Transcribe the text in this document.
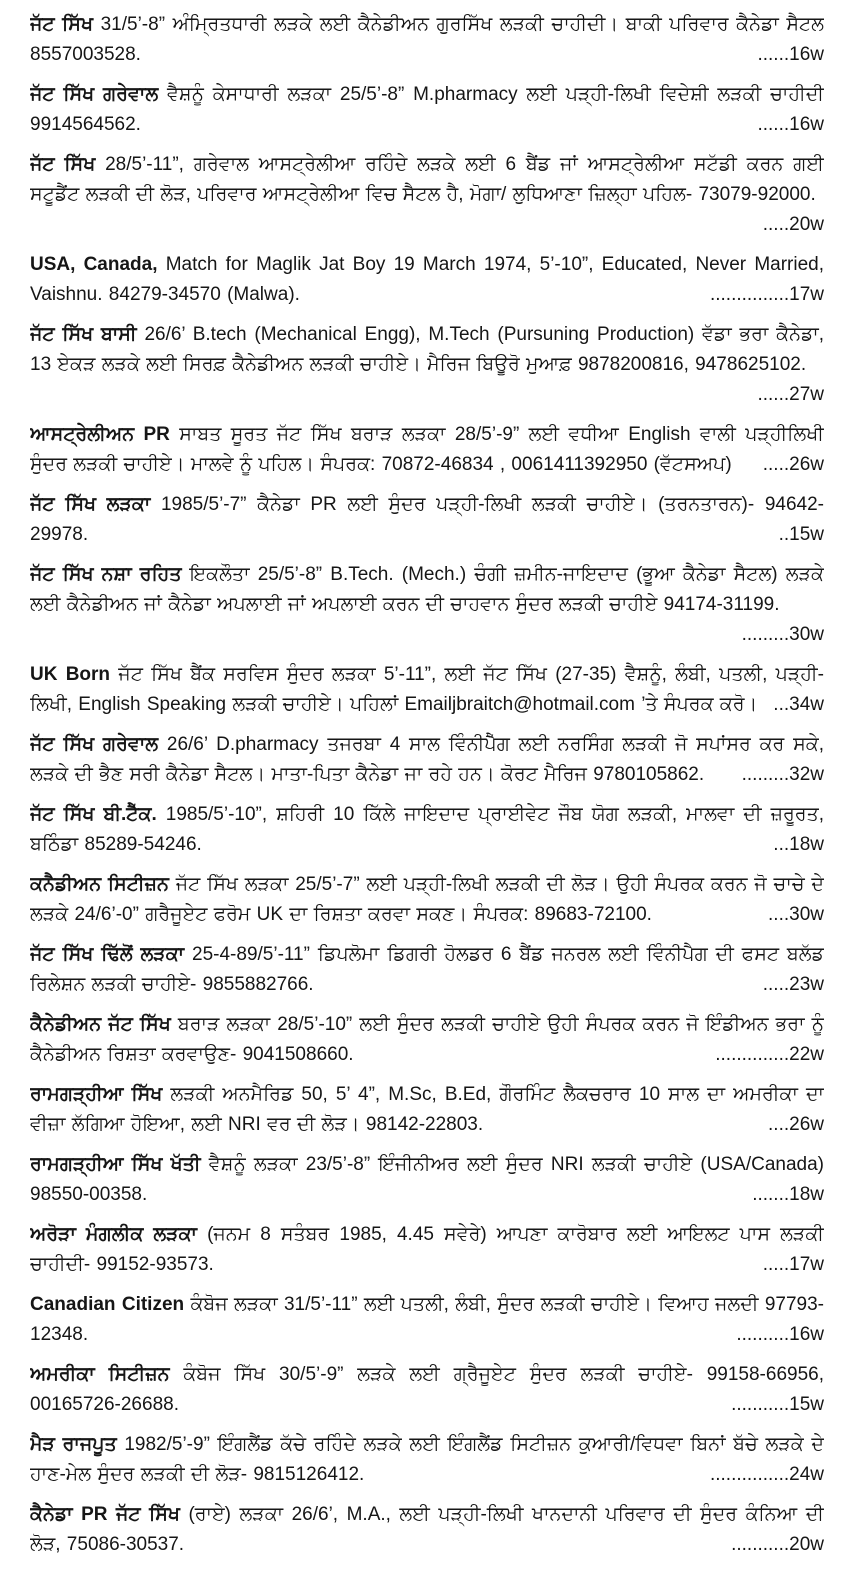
ਜੱਟ ਸਿੱਖ 31/5’-8” ਅੰਮ੍ਰਿਤਧਾਰੀ ਲੜਕੇ ਲਈ ਕੈਨੇਡੀਅਨ ਗੁਰਸਿੱਖ ਲੜਕੀ ਚਾਹੀਦੀ। ਬਾਕੀ ਪਰਿਵਾਰ ਕੈਨੇਡਾ ਸੈਟਲ 8557003528.	......16w

ਜੱਟ ਸਿੱਖ ਗਰੇਵਾਲ ਵੈਸ਼ਨੂੰ ਕੇਸਾਧਾਰੀ ਲੜਕਾ 25/5’-8” M.pharmacy ਲਈ ਪੜ੍ਹੀ-ਲਿਖੀ ਵਿਦੇਸ਼ੀ ਲੜਕੀ ਚਾਹੀਦੀ 9914564562.	......16w

ਜੱਟ ਸਿੱਖ 28/5’-11”, ਗਰੇਵਾਲ ਆਸਟ੍ਰੇਲੀਆ ਰਹਿੰਦੇ ਲੜਕੇ ਲਈ 6 ਬੈਂਡ ਜਾਂ ਆਸਟ੍ਰੇਲੀਆ ਸਟੱਡੀ ਕਰਨ ਗਈ ਸਟੂਡੈਂਟ ਲੜਕੀ ਦੀ ਲੋੜ, ਪਰਿਵਾਰ ਆਸਟ੍ਰੇਲੀਆ ਵਿਚ ਸੈਟਲ ਹੈ, ਮੋਗਾ/ ਲੁਧਿਆਣਾ ਜ਼ਿਲ੍ਹਾ ਪਹਿਲ- 73079-92000.
.....20w

USA, Canada, Match for Maglik Jat Boy 19 March 1974, 5’-10”, Educated, Never Married, Vaishnu. 84279-34570 (Malwa).	...............17w

ਜੱਟ ਸਿੱਖ ਬਾਸੀ 26/6’ B.tech (Mechanical Engg), M.Tech (Pursuning Production) ਵੱਡਾ ਭਰਾ ਕੈਨੇਡਾ, 13 ਏਕੜ ਲੜਕੇ ਲਈ ਸਿਰਫ਼ ਕੈਨੇਡੀਅਨ ਲੜਕੀ ਚਾਹੀਏ। ਮੈਰਿਜ ਬਿਊਰੋ ਮੁਆਫ਼ 9878200816, 9478625102.
......27w

ਆਸਟ੍ਰੇਲੀਅਨ PR ਸਾਬਤ ਸੂਰਤ ਜੱਟ ਸਿੱਖ ਬਰਾੜ ਲੜਕਾ 28/5’-9” ਲਈ ਵਧੀਆ English ਵਾਲੀ ਪੜ੍ਹੀਲਿਖੀ ਸੁੰਦਰ ਲੜਕੀ ਚਾਹੀਏ। ਮਾਲਵੇ ਨੂੰ ਪਹਿਲ। ਸੰਪਰਕ: 70872-46834 , 0061411392950 (ਵੱਟਸਅਪ)	.....26w

ਜੱਟ ਸਿੱਖ ਲੜਕਾ 1985/5’-7” ਕੈਨੇਡਾ PR ਲਈ ਸੁੰਦਰ ਪੜ੍ਹੀ-ਲਿਖੀ ਲੜਕੀ ਚਾਹੀਏ। (ਤਰਨਤਾਰਨ)- 94642-29978.	..15w

ਜੱਟ ਸਿੱਖ ਨਸ਼ਾ ਰਹਿਤ ਇਕਲੌਤਾ 25/5’-8” B.Tech. (Mech.) ਚੰਗੀ ਜ਼ਮੀਨ-ਜਾਇਦਾਦ (ਭੂਆ ਕੈਨੇਡਾ ਸੈਟਲ) ਲੜਕੇ ਲਈ ਕੈਨੇਡੀਅਨ ਜਾਂ ਕੈਨੇਡਾ ਅਪਲਾਈ ਜਾਂ ਅਪਲਾਈ ਕਰਨ ਦੀ ਚਾਹਵਾਨ ਸੁੰਦਰ ਲੜਕੀ ਚਾਹੀਏ 94174-31199.
.........30w

UK Born ਜੱਟ ਸਿੱਖ ਬੈਂਕ ਸਰਵਿਸ ਸੁੰਦਰ ਲੜਕਾ 5’-11”, ਲਈ ਜੱਟ ਸਿੱਖ (27-35) ਵੈਸ਼ਨੂੰ, ਲੰਬੀ, ਪਤਲੀ, ਪੜ੍ਹੀ-ਲਿਖੀ, English Speaking ਲੜਕੀ ਚਾਹੀਏ। ਪਹਿਲਾਂ Emailjbraitch@hotmail.com ’ਤੇ ਸੰਪਰਕ ਕਰੋ। ...34w

ਜੱਟ ਸਿੱਖ ਗਰੇਵਾਲ 26/6’ D.pharmacy ਤਜਰਬਾ 4 ਸਾਲ ਵਿੰਨੀਪੈੱਗ ਲਈ ਨਰਸਿੰਗ ਲੜਕੀ ਜੋ ਸਪਾਂਸਰ ਕਰ ਸਕੇ, ਲੜਕੇ ਦੀ ਭੈਣ ਸਰੀ ਕੈਨੇਡਾ ਸੈਟਲ। ਮਾਤਾ-ਪਿਤਾ ਕੈਨੇਡਾ ਜਾ ਰਹੇ ਹਨ। ਕੋਰਟ ਮੈਰਿਜ 9780105862.	.........32w

ਜੱਟ ਸਿੱਖ ਬੀ.ਟੈੱਕ. 1985/5’-10”, ਸ਼ਹਿਰੀ 10 ਕਿੱਲੇ ਜਾਇਦਾਦ ਪ੍ਰਾਈਵੇਟ ਜੌਬ ਯੋਗ ਲੜਕੀ, ਮਾਲਵਾ ਦੀ ਜ਼ਰੂਰਤ, ਬਠਿੰਡਾ 85289-54246.	...18w

ਕਨੈਡੀਅਨ ਸਿਟੀਜ਼ਨ ਜੱਟ ਸਿੱਖ ਲੜਕਾ 25/5’-7” ਲਈ ਪੜ੍ਹੀ-ਲਿਖੀ ਲੜਕੀ ਦੀ ਲੋੜ। ਉਹੀ ਸੰਪਰਕ ਕਰਨ ਜੋ ਚਾਚੇ ਦੇ ਲੜਕੇ 24/6’-0” ਗਰੈਜੂਏਟ ਫਰੋਮ UK ਦਾ ਰਿਸ਼ਤਾ ਕਰਵਾ ਸਕਣ। ਸੰਪਰਕ: 89683-72100.	....30w

ਜੱਟ ਸਿੱਖ ਢਿੱਲੋਂ ਲੜਕਾ 25-4-89/5’-11” ਡਿਪਲੋਮਾ ਡਿਗਰੀ ਹੋਲਡਰ 6 ਬੈਂਡ ਜਨਰਲ ਲਈ ਵਿੰਨੀਪੈਗ ਦੀ ਫਸਟ ਬਲੱਡ ਰਿਲੇਸ਼ਨ ਲੜਕੀ ਚਾਹੀਏ- 9855882766.	.....23w

ਕੈਨੇਡੀਅਨ ਜੱਟ ਸਿੱਖ ਬਰਾੜ ਲੜਕਾ 28/5’-10” ਲਈ ਸੁੰਦਰ ਲੜਕੀ ਚਾਹੀਏ ਉਹੀ ਸੰਪਰਕ ਕਰਨ ਜੋ ਇੰਡੀਅਨ ਭਰਾ ਨੂੰ ਕੈਨੇਡੀਅਨ ਰਿਸ਼ਤਾ ਕਰਵਾਉਣ- 9041508660.	..............22w

ਰਾਮਗੜ੍ਹੀਆ ਸਿੱਖ ਲੜਕੀ ਅਨਮੈਰਿਡ 50, 5’ 4”, M.Sc, B.Ed, ਗੌਰਮਿੰਟ ਲੈਕਚਰਾਰ 10 ਸਾਲ ਦਾ ਅਮਰੀਕਾ ਦਾ ਵੀਜ਼ਾ ਲੱਗਿਆ ਹੋਇਆ, ਲਈ NRI ਵਰ ਦੀ ਲੋੜ। 98142-22803.	....26w

ਰਾਮਗੜ੍ਹੀਆ ਸਿੱਖ ਖੱਤੀ ਵੈਸ਼ਨੂੰ ਲੜਕਾ 23/5’-8” ਇੰਜੀਨੀਅਰ ਲਈ ਸੁੰਦਰ NRI ਲੜਕੀ ਚਾਹੀਏ (USA/Canada) 98550-00358.	.......18w

ਅਰੋੜਾ ਮੰਗਲੀਕ ਲੜਕਾ (ਜਨਮ 8 ਸਤੰਬਰ 1985, 4.45 ਸਵੇਰੇ) ਆਪਣਾ ਕਾਰੋਬਾਰ ਲਈ ਆਇਲਟ ਪਾਸ ਲੜਕੀ ਚਾਹੀਦੀ- 99152-93573.	.....17w

Canadian Citizen ਕੰਬੋਜ ਲੜਕਾ 31/5’-11” ਲਈ ਪਤਲੀ, ਲੰਬੀ, ਸੁੰਦਰ ਲੜਕੀ ਚਾਹੀਏ। ਵਿਆਹ ਜਲਦੀ 97793-12348.	..........16w

ਅਮਰੀਕਾ ਸਿਟੀਜ਼ਨ ਕੰਬੋਜ ਸਿੱਖ 30/5’-9” ਲੜਕੇ ਲਈ ਗ੍ਰੈਜੂਏਟ ਸੁੰਦਰ ਲੜਕੀ ਚਾਹੀਏ- 99158-66956, 00165726-26688.	...........15w

ਮੈੜ ਰਾਜਪੂਤ 1982/5’-9” ਇੰਗਲੈਂਡ ਕੱਚੇ ਰਹਿੰਦੇ ਲੜਕੇ ਲਈ ਇੰਗਲੈਂਡ ਸਿਟੀਜ਼ਨ ਕੁਆਰੀ/ਵਿਧਵਾ ਬਿਨਾਂ ਬੱਚੇ ਲੜਕੇ ਦੇ ਹਾਣ-ਮੇਲ ਸੁੰਦਰ ਲੜਕੀ ਦੀ ਲੋੜ- 9815126412.	...............24w

ਕੈਨੇਡਾ PR ਜੱਟ ਸਿੱਖ (ਰਾਏ) ਲੜਕਾ 26/6’, M.A., ਲਈ ਪੜ੍ਹੀ-ਲਿਖੀ ਖਾਨਦਾਨੀ ਪਰਿਵਾਰ ਦੀ ਸੁੰਦਰ ਕੰਨਿਆ ਦੀ ਲੋੜ, 75086-30537.	...........20w
